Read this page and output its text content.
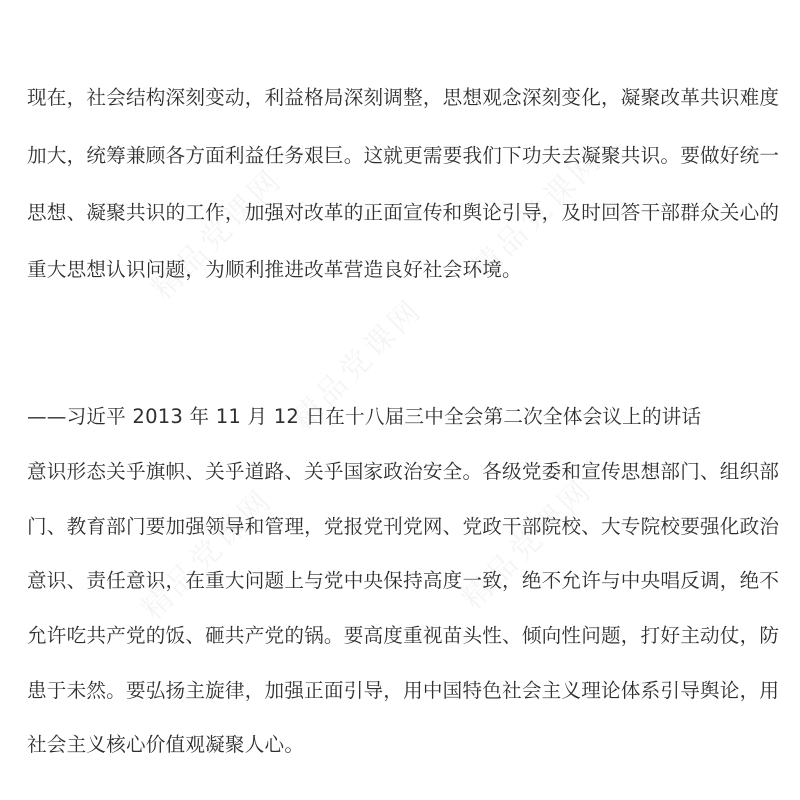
现在，社会结构深刻变动，利益格局深刻调整，思想观念深刻变化，凝聚改革共识难度
加大，统筹兼顾各方面利益任务艰巨。这就更需要我们下功夫去凝聚共识。要做好统一
思想、凝聚共识的工作，加强对改革的正面宣传和舆论引导，及时回答干部群众关心的
重大思想认识问题，为顺利推进改革营造良好社会环境。
——习近平 2013 年 11 月 12 日在十八届三中全会第二次全体会议上的讲话
意识形态关乎旗帜、关乎道路、关乎国家政治安全。各级党委和宣传思想部门、组织部
门、教育部门要加强领导和管理，党报党刊党网、党政干部院校、大专院校要强化政治
意识、责任意识，在重大问题上与党中央保持高度一致，绝不允许与中央唱反调，绝不
允许吃共产党的饭、砸共产党的锅。要高度重视苗头性、倾向性问题，打好主动仗，防
患于未然。要弘扬主旋律，加强正面引导，用中国特色社会主义理论体系引导舆论，用
社会主义核心价值观凝聚人心。
